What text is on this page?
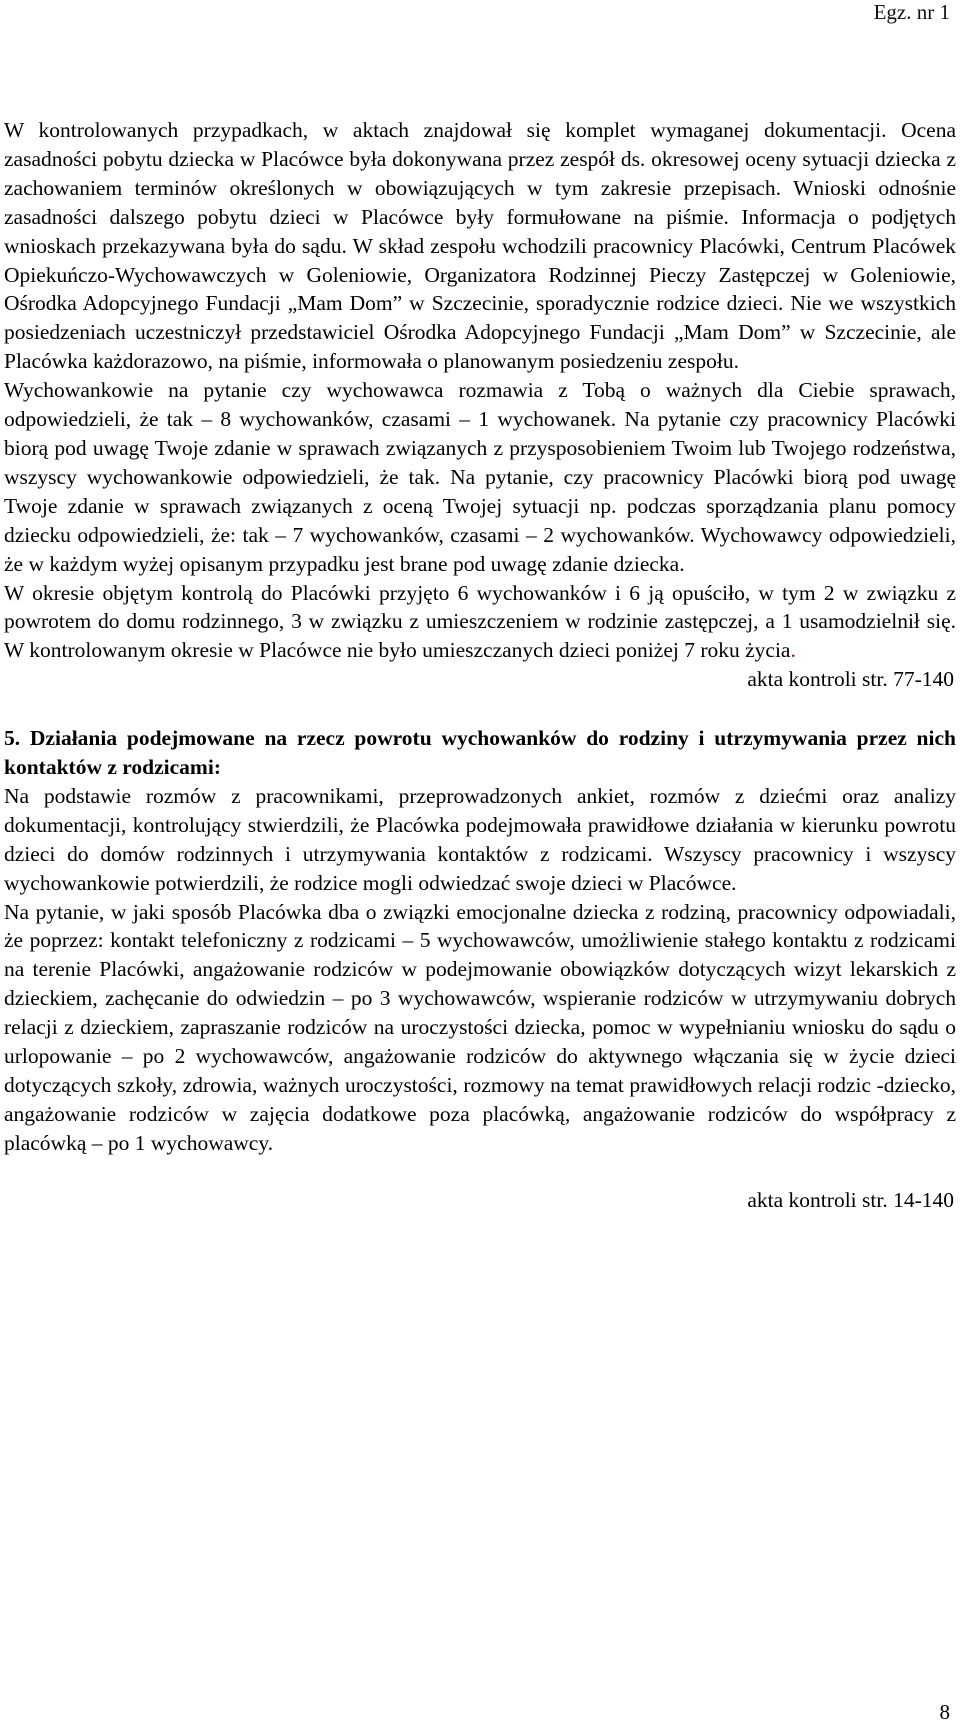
Egz. nr 1

W kontrolowanych przypadkach, w aktach znajdował się komplet wymaganej dokumentacji. Ocena zasadności pobytu dziecka w Placówce była dokonywana przez zespół ds. okresowej oceny sytuacji dziecka z zachowaniem terminów określonych w obowiązujących w tym zakresie przepisach. Wnioski odnośnie zasadności dalszego pobytu dzieci w Placówce były formułowane na piśmie. Informacja o podjętych wnioskach przekazywana była do sądu. W skład zespołu wchodzili pracownicy Placówki, Centrum Placówek Opiekuńczo-Wychowawczych w Goleniowie, Organizatora Rodzinnej Pieczy Zastępczej w Goleniowie, Ośrodka Adopcyjnego Fundacji „Mam Dom” w Szczecinie, sporadycznie rodzice dzieci. Nie we wszystkich posiedzeniach uczestniczył przedstawiciel Ośrodka Adopcyjnego Fundacji „Mam Dom” w Szczecinie, ale Placówka każdorazowo, na piśmie, informowała o planowanym posiedzeniu zespołu.

Wychowankowie na pytanie czy wychowawca rozmawia z Tobą o ważnych dla Ciebie sprawach, odpowiedzieli, że tak – 8 wychowanków, czasami – 1 wychowanek. Na pytanie czy pracownicy Placówki biorą pod uwagę Twoje zdanie w sprawach związanych z przysposobieniem Twoim lub Twojego rodzeństwa, wszyscy wychowankowie odpowiedzieli, że tak. Na pytanie, czy pracownicy Placówki biorą pod uwagę Twoje zdanie w sprawach związanych z oceną Twojej sytuacji np. podczas sporządzania planu pomocy dziecku odpowiedzieli, że: tak – 7 wychowanków, czasami – 2 wychowanków. Wychowawcy odpowiedzieli, że w każdym wyżej opisanym przypadku jest brane pod uwagę zdanie dziecka.

W okresie objętym kontrolą do Placówki przyjęto 6 wychowanków i 6 ją opuściło, w tym 2 w związku z powrotem do domu rodzinnego, 3 w związku z umieszczeniem w rodzinie zastępczej, a 1 usamodzielnił się. W kontrolowanym okresie w Placówce nie było umieszczanych dzieci poniżej 7 roku życia.

akta kontroli str. 77-140

5. Działania podejmowane na rzecz powrotu wychowanków do rodziny i utrzymywania przez nich kontaktów z rodzicami:

Na podstawie rozmów z pracownikami, przeprowadzonych ankiet, rozmów z dziećmi oraz analizy dokumentacji, kontrolujący stwierdzili, że Placówka podejmowała prawidłowe działania w kierunku powrotu dzieci do domów rodzinnych i utrzymywania kontaktów z rodzicami. Wszyscy pracownicy i wszyscy wychowankowie potwierdzili, że rodzice mogli odwiedzać swoje dzieci w Placówce.

Na pytanie, w jaki sposób Placówka dba o związki emocjonalne dziecka z rodziną, pracownicy odpowiadali, że poprzez: kontakt telefoniczny z rodzicami – 5 wychowawców, umożliwienie stałego kontaktu z rodzicami na terenie Placówki, angażowanie rodziców w podejmowanie obowiązków dotyczących wizyt lekarskich z dzieckiem, zachęcanie do odwiedzin – po 3 wychowawców, wspieranie rodziców w utrzymywaniu dobrych relacji z dzieckiem, zapraszanie rodziców na uroczystości dziecka, pomoc w wypełnianiu wniosku do sądu o urlopowanie – po 2 wychowawców, angażowanie rodziców do aktywnego włączania się w życie dzieci dotyczących szkoły, zdrowia, ważnych uroczystości, rozmowy na temat prawidłowych relacji rodzic -dziecko, angażowanie rodziców w zajęcia dodatkowe poza placówką, angażowanie rodziców do współpracy z placówką – po 1 wychowawcy.

akta kontroli str. 14-140

8
